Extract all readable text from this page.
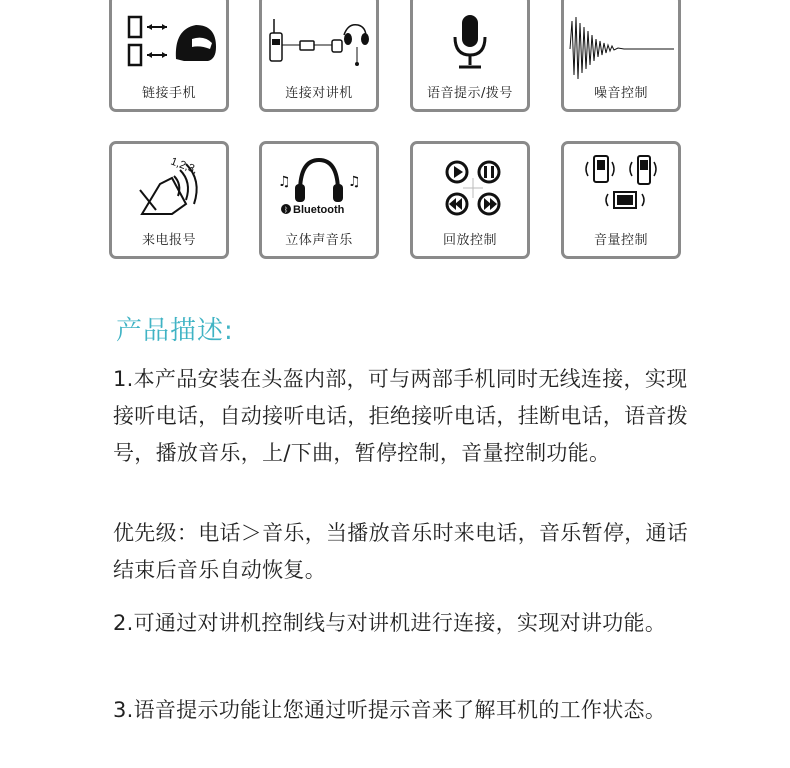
链接手机	连接对讲机	语音提示/拨号	噪音控制
1,2,3,
来电报号
♫	♫
ᛒ Bluetooth
立体声音乐	回放控制	音量控制
产品描述:

1.本产品安装在头盔内部，可与两部手机同时无线连接，实现接听电话，自动接听电话，拒绝接听电话，挂断电话，语音拨号，播放音乐，上/下曲，暂停控制，音量控制功能。

优先级：电话＞音乐，当播放音乐时来电话，音乐暂停，通话结束后音乐自动恢复。

2.可通过对讲机控制线与对讲机进行连接，实现对讲功能。

3.语音提示功能让您通过听提示音来了解耳机的工作状态。
